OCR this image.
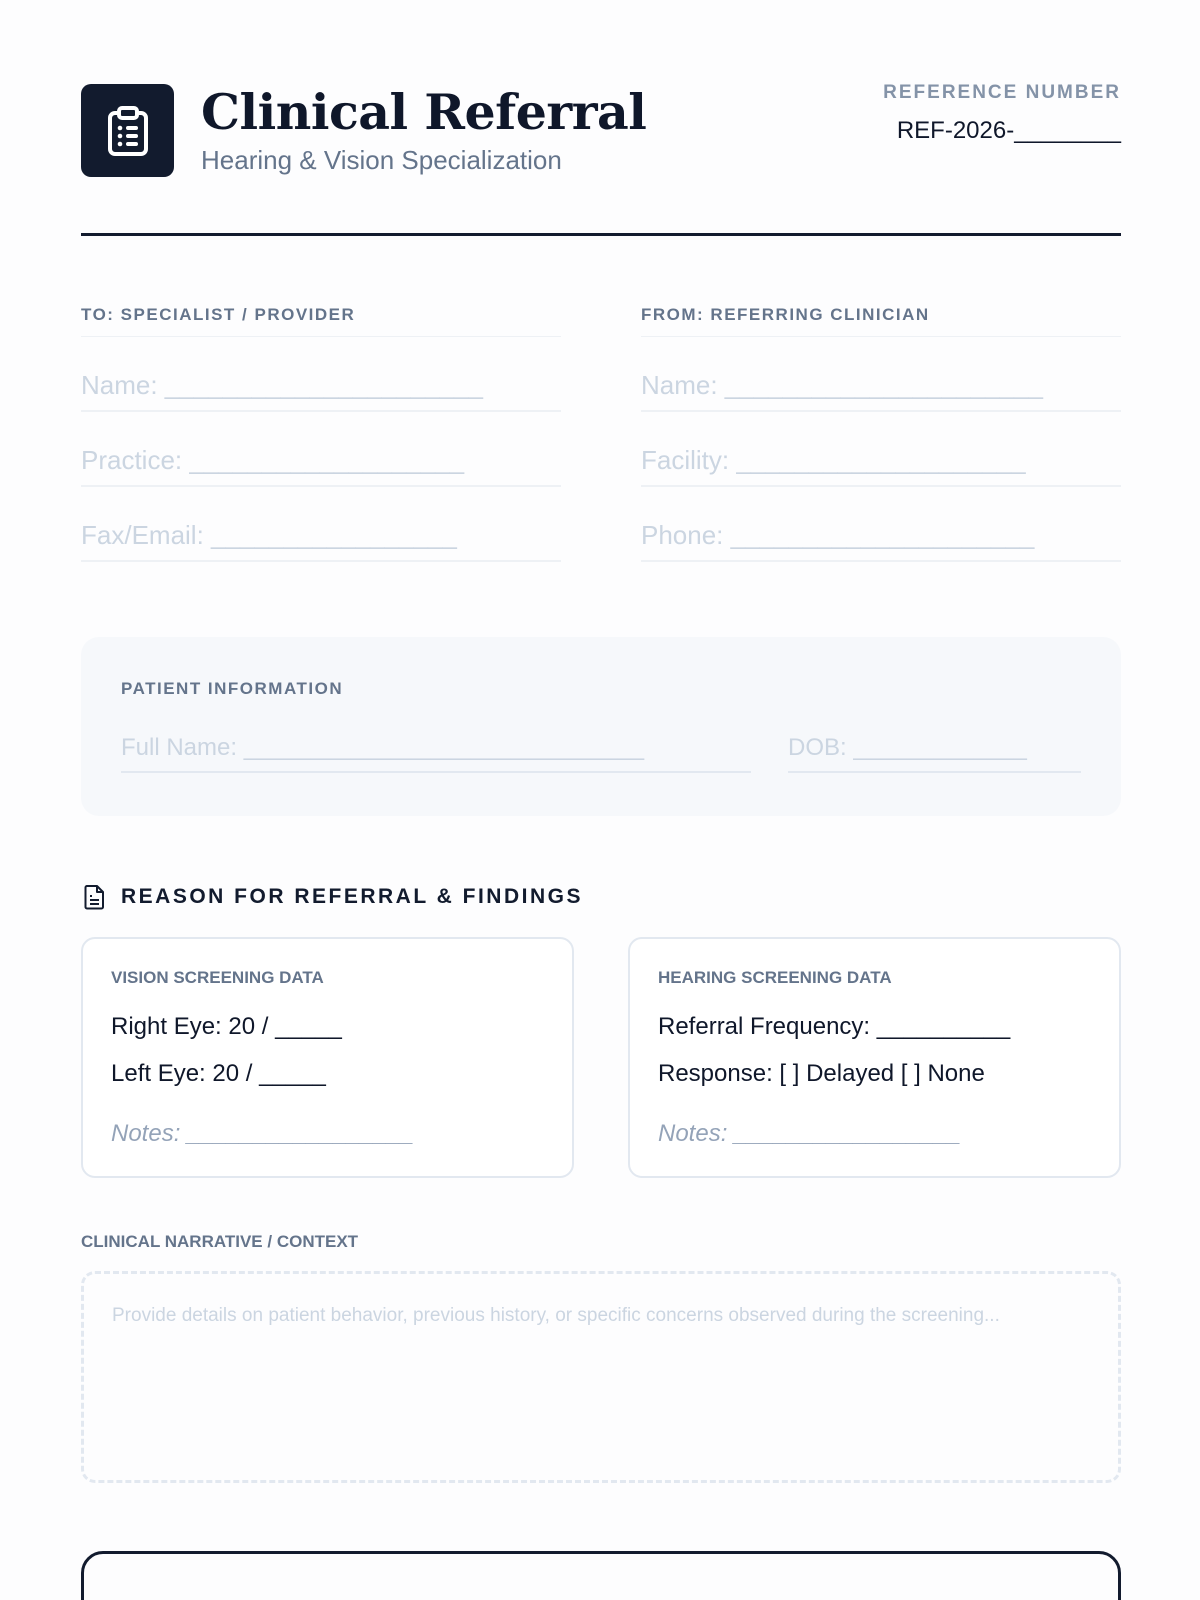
Clinical Referral
Hearing & Vision Specialization
REFERENCE NUMBER
REF-2026-________
TO: SPECIALIST / PROVIDER
Name: ______________________
Practice: ___________________
Fax/Email: _________________
FROM: REFERRING CLINICIAN
Name: ______________________
Facility: ____________________
Phone: _____________________
PATIENT INFORMATION
Full Name: ______________________________	DOB: _____________
REASON FOR REFERRAL & FINDINGS
VISION SCREENING DATA
Right Eye: 20 / _____
Left Eye: 20 / _____
Notes: _________________
HEARING SCREENING DATA
Referral Frequency: __________
Response: [ ] Delayed [ ] None
Notes: _________________
CLINICAL NARRATIVE / CONTEXT
Provide details on patient behavior, previous history, or specific concerns observed during the screening...
